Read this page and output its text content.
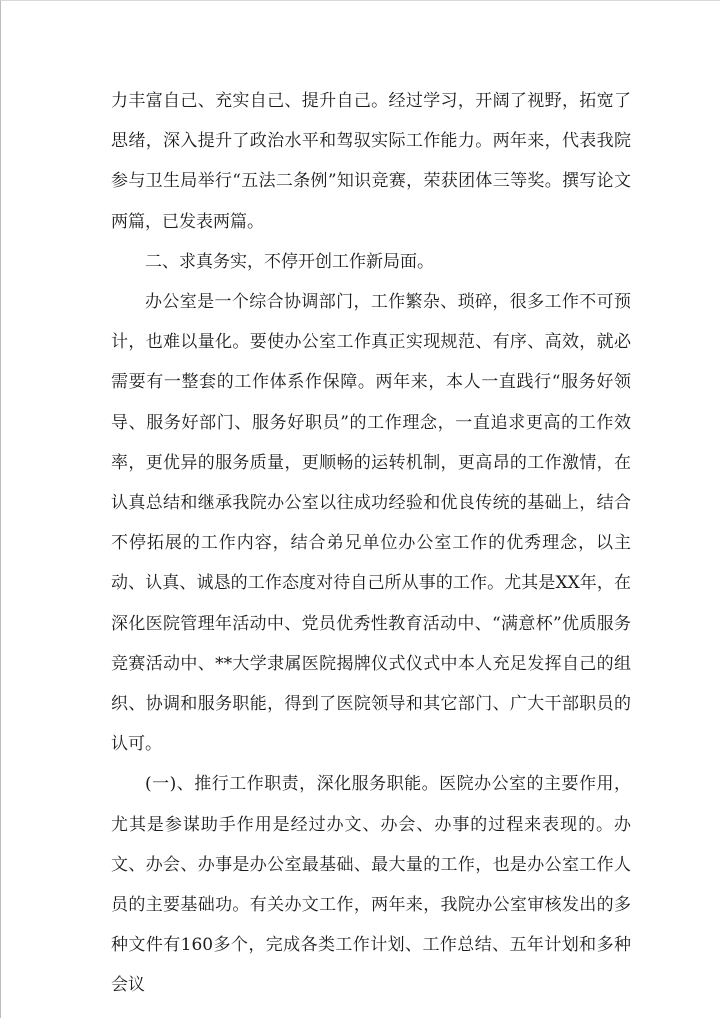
力丰富自己、充实自己、提升自己。经过学习，开阔了视野，拓宽了思绪，深入提升了政治水平和驾驭实际工作能力。两年来，代表我院参与卫生局举行“五法二条例”知识竞赛，荣获团体三等奖。撰写论文两篇，已发表两篇。

二、求真务实，不停开创工作新局面。

办公室是一个综合协调部门，工作繁杂、琐碎，很多工作不可预计，也难以量化。要使办公室工作真正实现规范、有序、高效，就必需要有一整套的工作体系作保障。两年来，本人一直践行“服务好领导、服务好部门、服务好职员”的工作理念，一直追求更高的工作效率，更优异的服务质量，更顺畅的运转机制，更高昂的工作激情，在认真总结和继承我院办公室以往成功经验和优良传统的基础上，结合不停拓展的工作内容，结合弟兄单位办公室工作的优秀理念，以主动、认真、诚恳的工作态度对待自己所从事的工作。尤其是XX年，在深化医院管理年活动中、党员优秀性教育活动中、“满意杯”优质服务竞赛活动中、**大学隶属医院揭牌仪式仪式中本人充足发挥自己的组织、协调和服务职能，得到了医院领导和其它部门、广大干部职员的认可。

(一)、推行工作职责，深化服务职能。医院办公室的主要作用，尤其是参谋助手作用是经过办文、办会、办事的过程来表现的。办文、办会、办事是办公室最基础、最大量的工作，也是办公室工作人员的主要基础功。有关办文工作，两年来，我院办公室审核发出的多种文件有160多个，完成各类工作计划、工作总结、五年计划和多种会议
